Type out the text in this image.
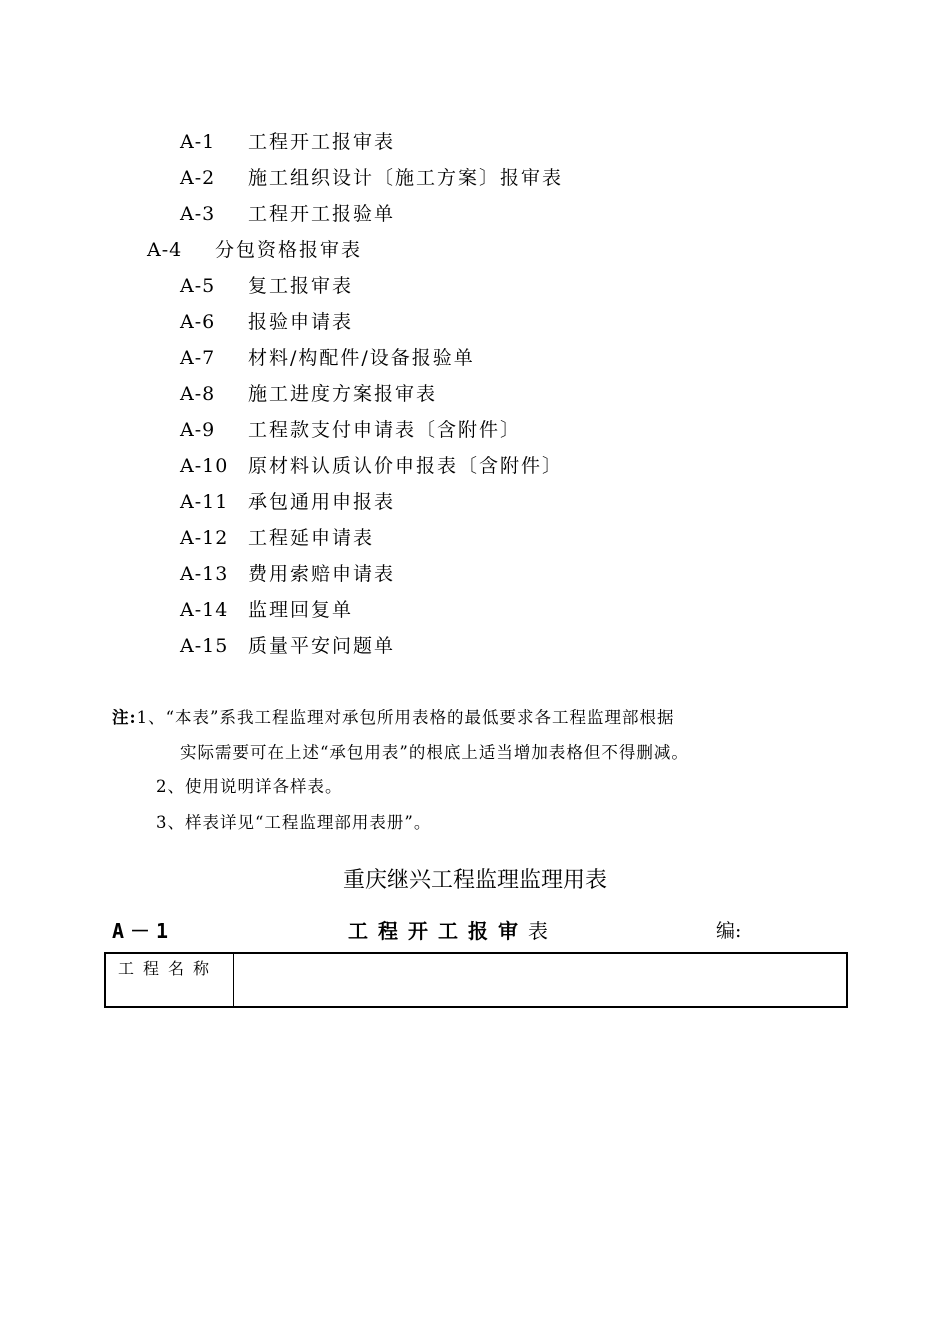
A-1 工程开工报审表
A-2 施工组织设计〔施工方案〕报审表
A-3 工程开工报验单
A-4 分包资格报审表
A-5 复工报审表
A-6 报验申请表
A-7 材料/构配件/设备报验单
A-8 施工进度方案报审表
A-9 工程款支付申请表〔含附件〕
A-10 原材料认质认价申报表〔含附件〕
A-11 承包通用申报表
A-12 工程延申请表
A-13 费用索赔申请表
A-14 监理回复单
A-15 质量平安问题单
注:1、“本表”系我工程监理对承包所用表格的最低要求各工程监理部根据
实际需要可在上述“承包用表”的根底上适当增加表格但不得删减。
2、使用说明详各样表。
3、样表详见“工程监理部用表册”。
重庆继兴工程监理监理用表
A－1	工程开工报审表	编:
工程名称
